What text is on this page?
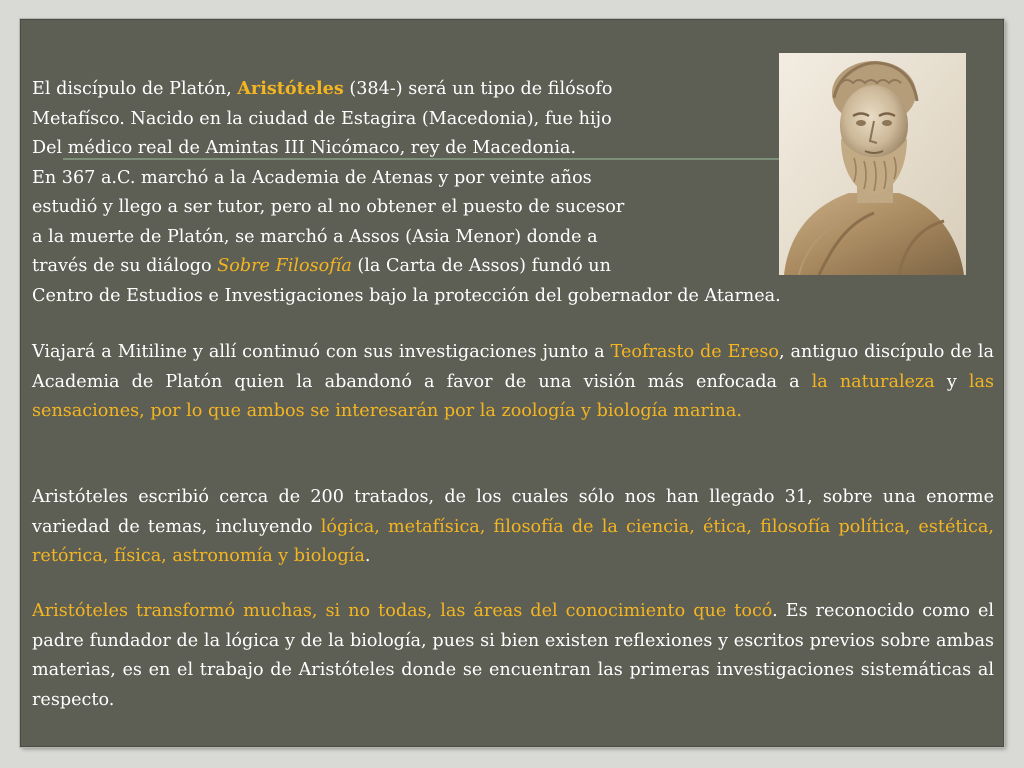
El discípulo de Platón, Aristóteles (384-) será un tipo de filósofo
Metafísco. Nacido en la ciudad de Estagira (Macedonia), fue hijo
Del médico real de Amintas III Nicómaco, rey de Macedonia.
En 367 a.C. marchó a la Academia de Atenas y por veinte años
estudió y llego a ser tutor, pero al no obtener el puesto de sucesor
a la muerte de Platón, se marchó a Assos (Asia Menor) donde a
través de su diálogo Sobre Filosofía (la Carta de Assos) fundó un
Centro de Estudios e Investigaciones bajo la protección del gobernador de Atarnea.

Viajará a Mitiline y allí continuó con sus investigaciones junto a Teofrasto de Ereso, antiguo discípulo de la Academia de Platón quien la abandonó a favor de una visión más enfocada a la naturaleza y las sensaciones, por lo que ambos se interesarán por la zoología y biología marina.

Aristóteles escribió cerca de 200 tratados, de los cuales sólo nos han llegado 31, sobre una enorme variedad de temas, incluyendo lógica, metafísica, filosofía de la ciencia, ética, filosofía política, estética, retórica, física, astronomía y biología.

Aristóteles transformó muchas, si no todas, las áreas del conocimiento que tocó. Es reconocido como el padre fundador de la lógica y de la biología, pues si bien existen reflexiones y escritos previos sobre ambas materias, es en el trabajo de Aristóteles donde se encuentran las primeras investigaciones sistemáticas al respecto.
